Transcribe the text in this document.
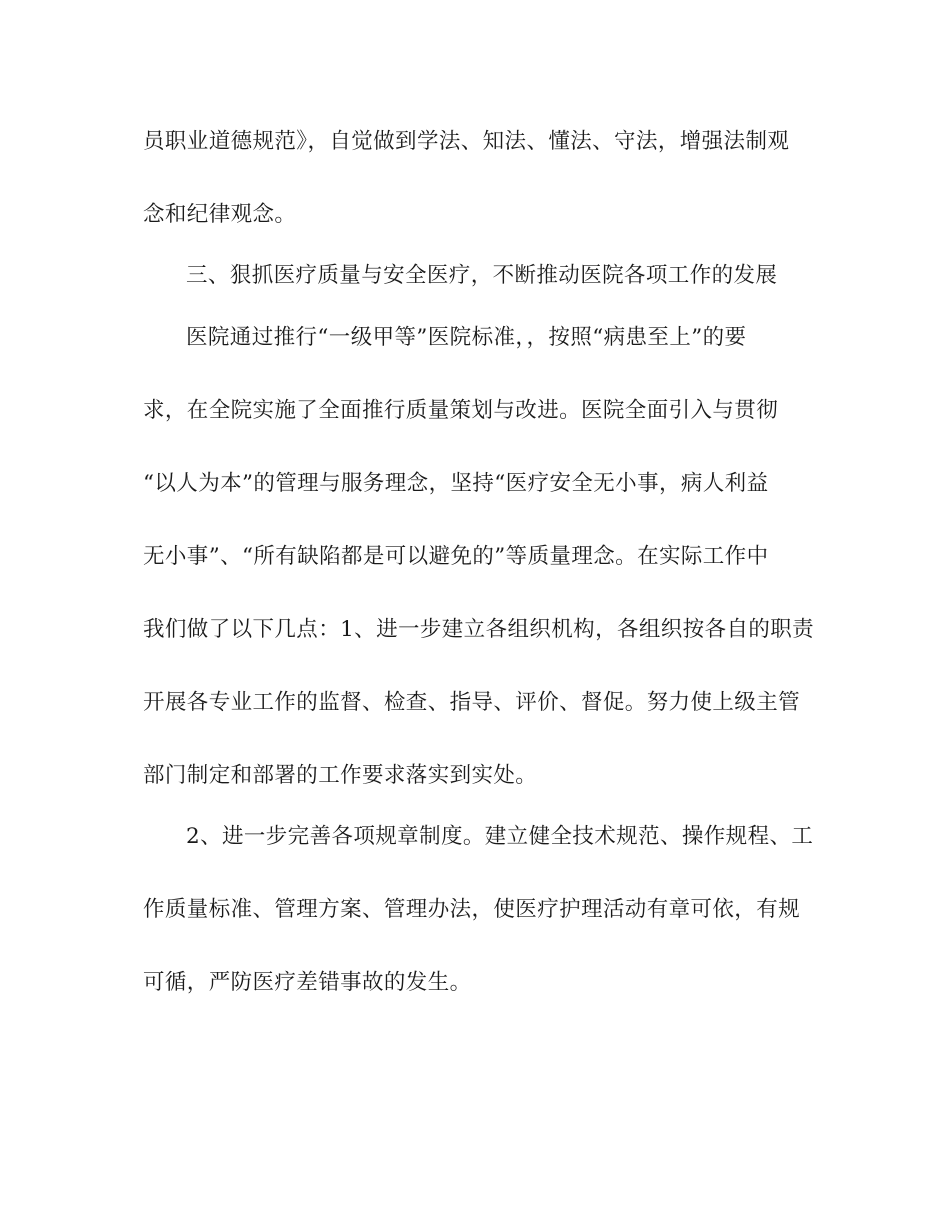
员职业道德规范》，自觉做到学法、知法、懂法、守法，增强法制观
念和纪律观念。
三、狠抓医疗质量与安全医疗，不断推动医院各项工作的发展
医院通过推行“一级甲等”医院标准，，按照“病患至上”的要
求，在全院实施了全面推行质量策划与改进。医院全面引入与贯彻
“以人为本”的管理与服务理念，坚持“医疗安全无小事，病人利益
无小事”、“所有缺陷都是可以避免的”等质量理念。在实际工作中
我们做了以下几点：1、进一步建立各组织机构，各组织按各自的职责
开展各专业工作的监督、检查、指导、评价、督促。努力使上级主管
部门制定和部署的工作要求落实到实处。
2、进一步完善各项规章制度。建立健全技术规范、操作规程、工
作质量标准、管理方案、管理办法，使医疗护理活动有章可依，有规
可循，严防医疗差错事故的发生。
